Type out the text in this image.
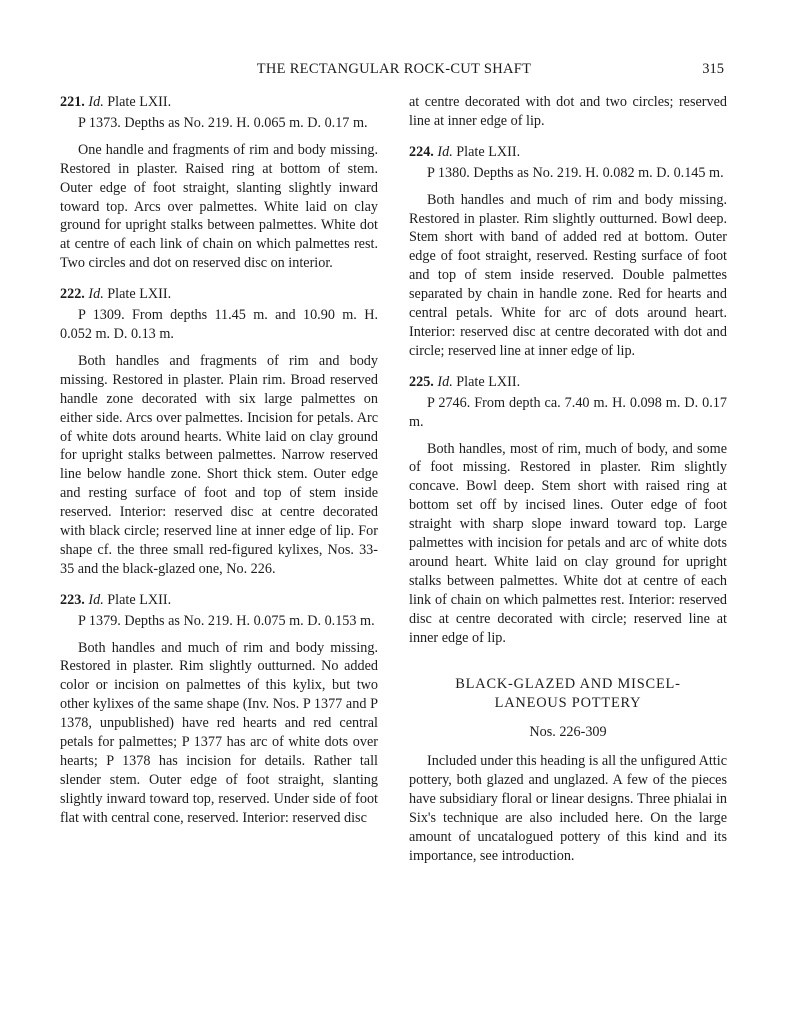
THE RECTANGULAR ROCK-CUT SHAFT	315
221. Id. Plate LXII.

P 1373. Depths as No. 219. H. 0.065 m. D. 0.17 m.

One handle and fragments of rim and body missing. Restored in plaster. Raised ring at bottom of stem. Outer edge of foot straight, slanting slightly inward toward top. Arcs over palmettes. White laid on clay ground for upright stalks between palmettes. White dot at centre of each link of chain on which palmettes rest. Two circles and dot on reserved disc on interior.

222. Id. Plate LXII.

P 1309. From depths 11.45 m. and 10.90 m. H. 0.052 m. D. 0.13 m.

Both handles and fragments of rim and body missing. Restored in plaster. Plain rim. Broad reserved handle zone decorated with six large palmettes on either side. Arcs over palmettes. Incision for petals. Arc of white dots around hearts. White laid on clay ground for upright stalks between palmettes. Narrow reserved line below handle zone. Short thick stem. Outer edge and resting surface of foot and top of stem inside reserved. Interior: reserved disc at centre decorated with black circle; reserved line at inner edge of lip. For shape cf. the three small red-figured kylixes, Nos. 33-35 and the black-glazed one, No. 226.

223. Id. Plate LXII.

P 1379. Depths as No. 219. H. 0.075 m. D. 0.153 m.

Both handles and much of rim and body missing. Restored in plaster. Rim slightly outturned. No added color or incision on palmettes of this kylix, but two other kylixes of the same shape (Inv. Nos. P 1377 and P 1378, unpublished) have red hearts and red central petals for palmettes; P 1377 has arc of white dots over hearts; P 1378 has incision for details. Rather tall slender stem. Outer edge of foot straight, slanting slightly inward toward top, reserved. Under side of foot flat with central cone, reserved. Interior: reserved disc

at centre decorated with dot and two circles; reserved line at inner edge of lip.

224. Id. Plate LXII.

P 1380. Depths as No. 219. H. 0.082 m. D. 0.145 m.

Both handles and much of rim and body missing. Restored in plaster. Rim slightly outturned. Bowl deep. Stem short with band of added red at bottom. Outer edge of foot straight, reserved. Resting surface of foot and top of stem inside reserved. Double palmettes separated by chain in handle zone. Red for hearts and central petals. White for arc of dots around heart. Interior: reserved disc at centre decorated with dot and circle; reserved line at inner edge of lip.

225. Id. Plate LXII.

P 2746. From depth ca. 7.40 m. H. 0.098 m. D. 0.17 m.

Both handles, most of rim, much of body, and some of foot missing. Restored in plaster. Rim slightly concave. Bowl deep. Stem short with raised ring at bottom set off by incised lines. Outer edge of foot straight with sharp slope inward toward top. Large palmettes with incision for petals and arc of white dots around heart. White laid on clay ground for upright stalks between palmettes. White dot at centre of each link of chain on which palmettes rest. Interior: reserved disc at centre decorated with circle; reserved line at inner edge of lip.

BLACK-GLAZED AND MISCEL-
LANEOUS POTTERY
Nos. 226-309

Included under this heading is all the unfigured Attic pottery, both glazed and unglazed. A few of the pieces have subsidiary floral or linear designs. Three phialai in Six's technique are also included here. On the large amount of uncatalogued pottery of this kind and its importance, see introduction.
